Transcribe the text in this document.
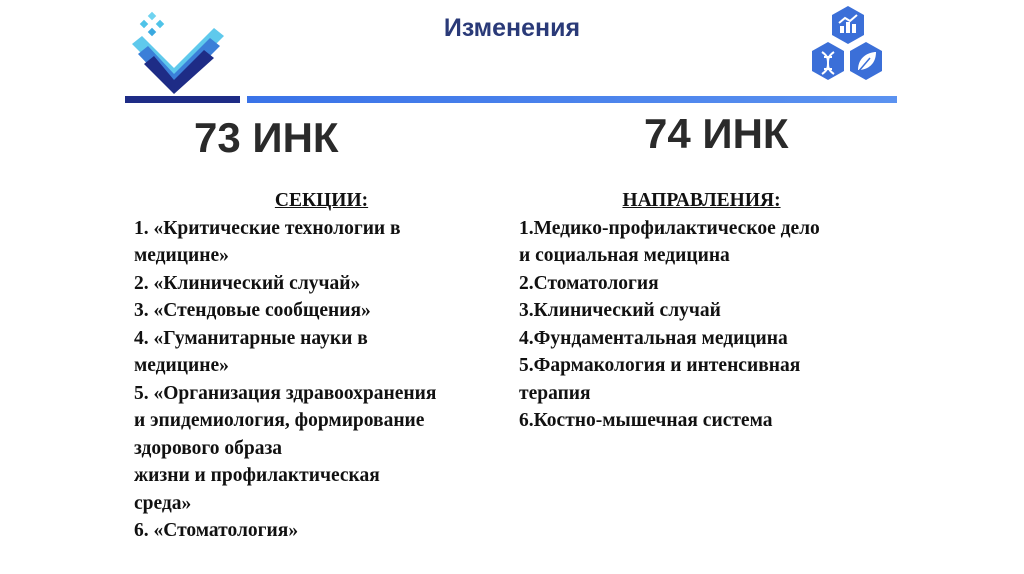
Изменения
73 ИНК	74 ИНК
СЕКЦИИ:
1. «Критические технологии в
медицине»
2. «Клинический случай»
3. «Стендовые сообщения»
4. «Гуманитарные науки в
медицине»
5. «Организация здравоохранения
и эпидемиология, формирование
здорового образа
жизни и профилактическая
среда»
6. «Стоматология»
НАПРАВЛЕНИЯ:
1.Медико-профилактическое дело
и социальная медицина
2.Стоматология
3.Клинический случай
4.Фундаментальная медицина
5.Фармакология и интенсивная
терапия
6.Костно-мышечная система
